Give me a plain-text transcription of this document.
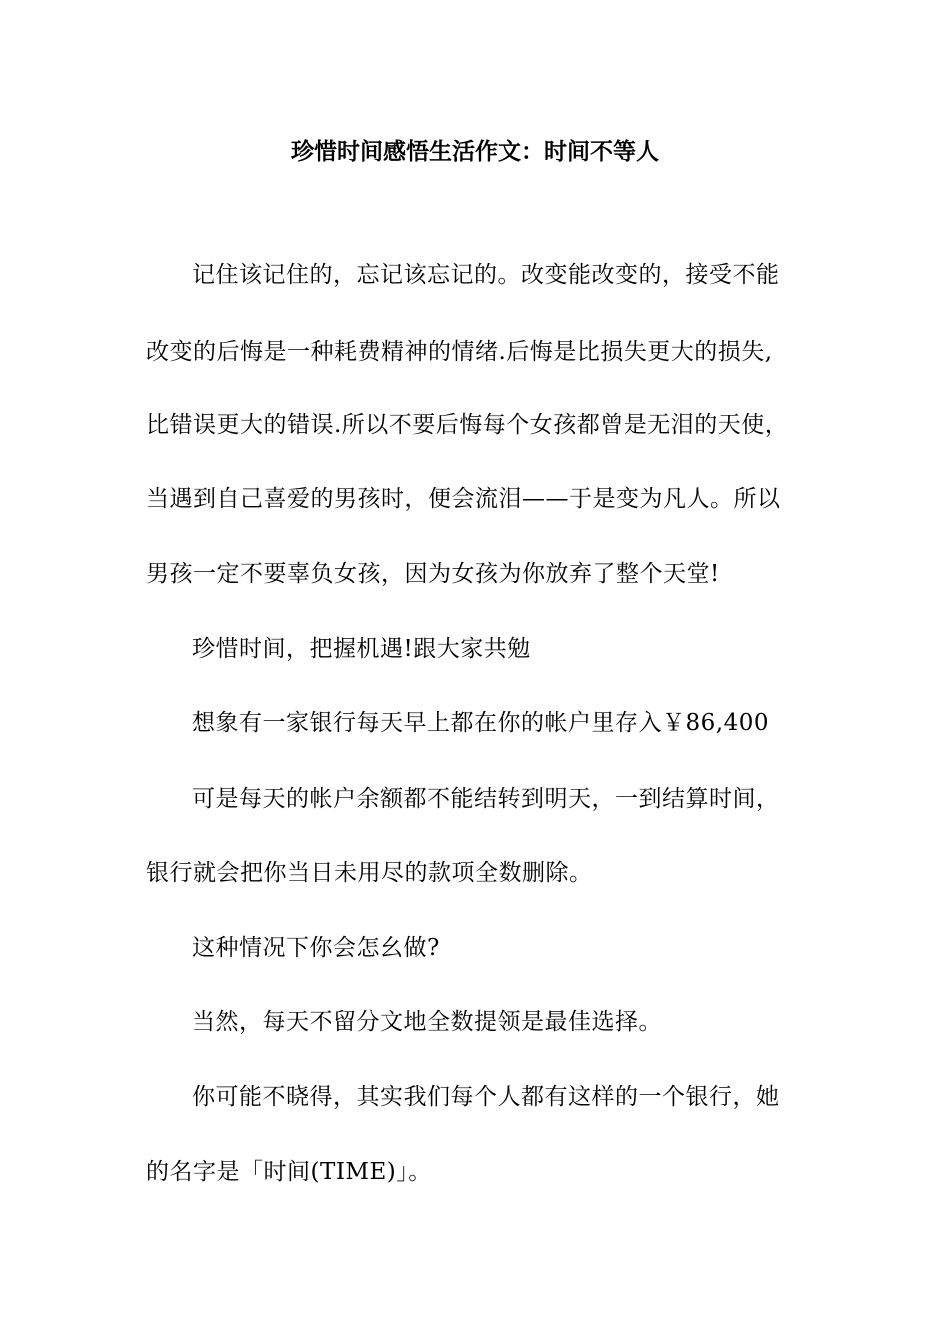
珍惜时间感悟生活作文：时间不等人
记住该记住的，忘记该忘记的。改变能改变的，接受不能
改变的后悔是一种耗费精神的情绪.后悔是比损失更大的损失,
比错误更大的错误.所以不要后悔每个女孩都曾是无泪的天使，
当遇到自己喜爱的男孩时，便会流泪——于是变为凡人。所以
男孩一定不要辜负女孩，因为女孩为你放弃了整个天堂!
珍惜时间，把握机遇!跟大家共勉
想象有一家银行每天早上都在你的帐户里存入￥86,400
可是每天的帐户余额都不能结转到明天，一到结算时间，
银行就会把你当日未用尽的款项全数删除。
这种情况下你会怎幺做?
当然，每天不留分文地全数提领是最佳选择。
你可能不晓得，其实我们每个人都有这样的一个银行，她
的名字是「时间(TIME)」。
